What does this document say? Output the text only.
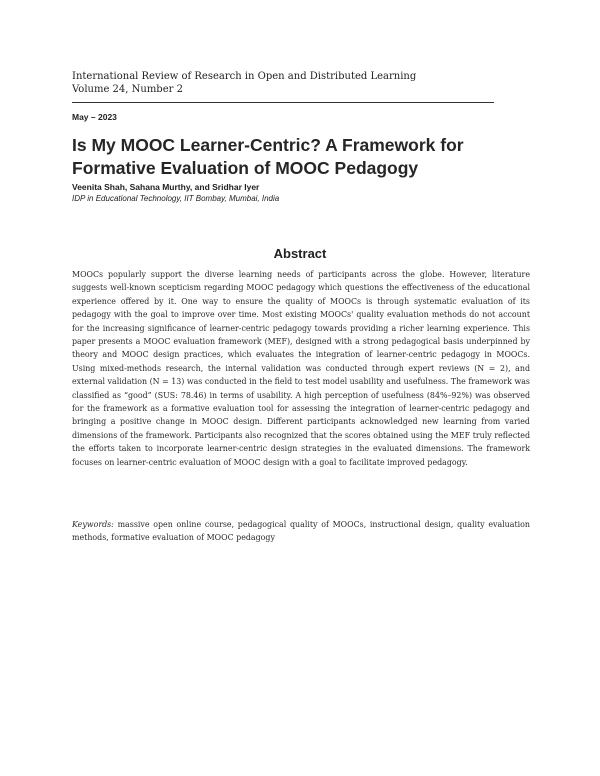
International Review of Research in Open and Distributed Learning
Volume 24, Number 2
May – 2023
Is My MOOC Learner-Centric? A Framework for Formative Evaluation of MOOC Pedagogy
Veenita Shah, Sahana Murthy, and Sridhar Iyer
IDP in Educational Technology, IIT Bombay, Mumbai, India
Abstract

MOOCs popularly support the diverse learning needs of participants across the globe. However, literature suggests well-known scepticism regarding MOOC pedagogy which questions the effectiveness of the educational experience offered by it. One way to ensure the quality of MOOCs is through systematic evaluation of its pedagogy with the goal to improve over time. Most existing MOOCs' quality evaluation methods do not account for the increasing significance of learner-centric pedagogy towards providing a richer learning experience. This paper presents a MOOC evaluation framework (MEF), designed with a strong pedagogical basis underpinned by theory and MOOC design practices, which evaluates the integration of learner-centric pedagogy in MOOCs. Using mixed-methods research, the internal validation was conducted through expert reviews (N = 2), and external validation (N = 13) was conducted in the field to test model usability and usefulness. The framework was classified as “good” (SUS: 78.46) in terms of usability. A high perception of usefulness (84%–92%) was observed for the framework as a formative evaluation tool for assessing the integration of learner-centric pedagogy and bringing a positive change in MOOC design. Different participants acknowledged new learning from varied dimensions of the framework. Participants also recognized that the scores obtained using the MEF truly reflected the efforts taken to incorporate learner-centric design strategies in the evaluated dimensions. The framework focuses on learner-centric evaluation of MOOC design with a goal to facilitate improved pedagogy.

Keywords: massive open online course, pedagogical quality of MOOCs, instructional design, quality evaluation methods, formative evaluation of MOOC pedagogy
